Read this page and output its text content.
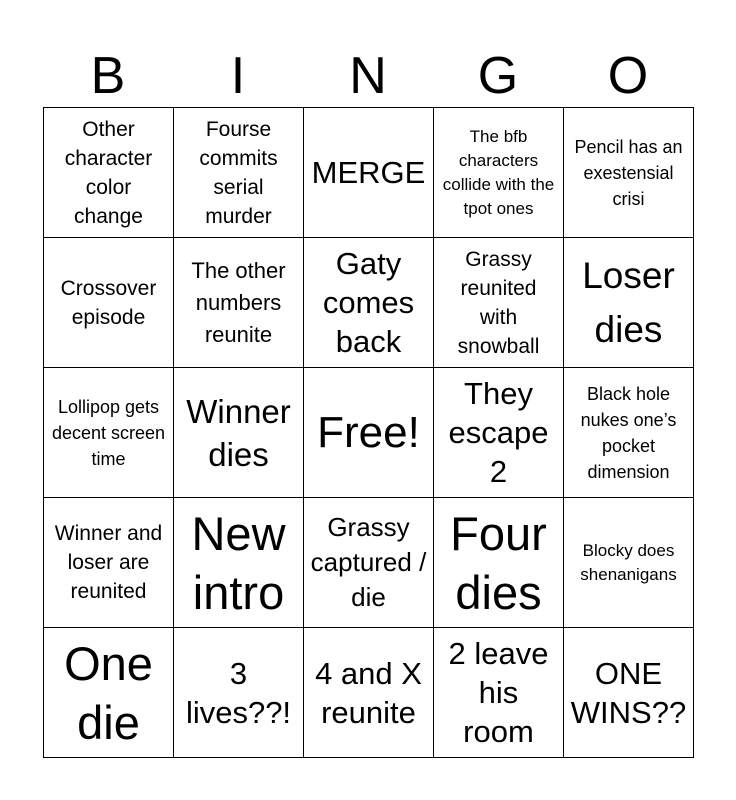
B	I	N	G	O
Other character color change	Fourse commits serial murder	MERGE	The bfb characters collide with the tpot ones	Pencil has an exestensial crisi

Crossover episode	The other numbers reunite	Gaty comes back	Grassy reunited with snowball	Loser dies

Lollipop gets decent screen time	Winner dies	Free!	They escape 2	Black hole nukes one’s pocket dimension

Winner and loser are reunited	New intro	Grassy captured / die	Four dies	Blocky does shenanigans

One die	3 lives??!	4 and X reunite	2 leave his room	ONE WINS??
